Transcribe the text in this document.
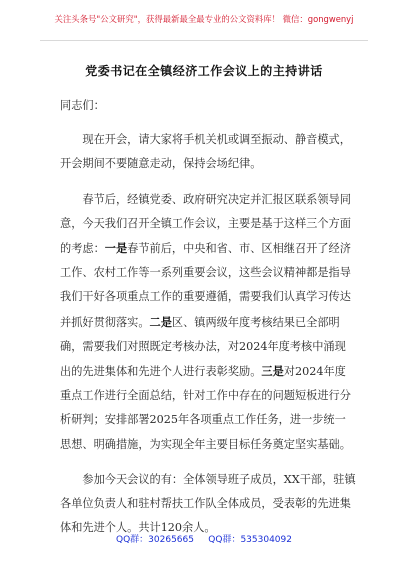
关注头条号"公文研究"，获得最新最全最专业的公文资料库！ 微信：gongwenyj
党委书记在全镇经济工作会议上的主持讲话

同志们：

现在开会，请大家将手机关机或调至振动、静音模式，开会期间不要随意走动，保持会场纪律。

春节后，经镇党委、政府研究决定并汇报区联系领导同意，今天我们召开全镇工作会议，主要是基于这样三个方面的考虑：一是春节前后，中央和省、市、区相继召开了经济工作、农村工作等一系列重要会议，这些会议精神都是指导我们干好各项重点工作的重要遵循，需要我们认真学习传达并抓好贯彻落实。二是区、镇两级年度考核结果已全部明确，需要我们对照既定考核办法，对2024年度考核中涌现出的先进集体和先进个人进行表彰奖励。三是对2024年度重点工作进行全面总结，针对工作中存在的问题短板进行分析研判；安排部署2025年各项重点工作任务，进一步统一思想、明确措施，为实现全年主要目标任务奠定坚实基础。

参加今天会议的有：全体领导班子成员，XX干部，驻镇各单位负责人和驻村帮扶工作队全体成员，受表彰的先进集体和先进个人。共计120余人。

QQ群：30265665     QQ群：535304092
